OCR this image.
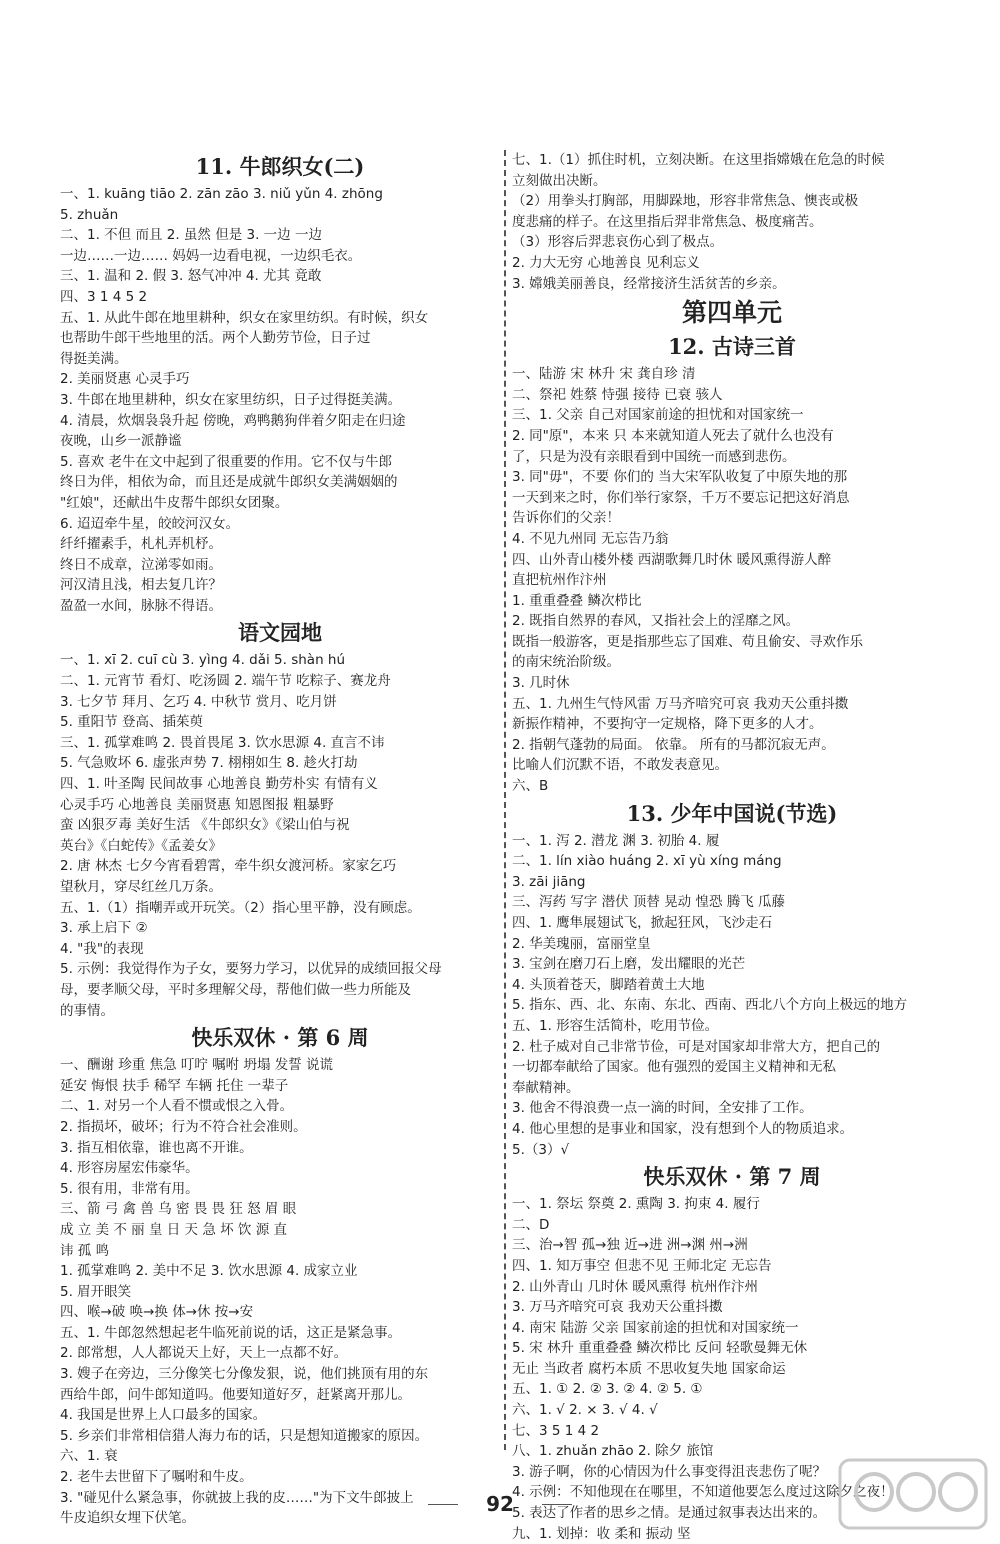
11. 牛郎织女(二)

一、1. kuāng tiāo 2. zān zāo 3. niǔ yǔn 4. zhōng

5. zhuǎn

二、1. 不但 而且 2. 虽然 但是 3. 一边 一边

一边……一边…… 妈妈一边看电视，一边织毛衣。

三、1. 温和 2. 假 3. 怒气冲冲 4. 尤其 竟敢

四、3 1 4 5 2

五、1. 从此牛郎在地里耕种，织女在家里纺织。有时候，织女

也帮助牛郎干些地里的活。两个人勤劳节俭，日子过

得挺美满。

2. 美丽贤惠 心灵手巧

3. 牛郎在地里耕种，织女在家里纺织，日子过得挺美满。

4. 清晨，炊烟袅袅升起 傍晚，鸡鸭鹅狗伴着夕阳走在归途

夜晚，山乡一派静谧

5. 喜欢 老牛在文中起到了很重要的作用。它不仅与牛郎

终日为伴，相依为命，而且还是成就牛郎织女美满姻姻的

"红娘"，还献出牛皮帮牛郎织女团聚。

6. 迢迢牵牛星，皎皎河汉女。

纤纤擢素手，札札弄机杼。

终日不成章，泣涕零如雨。

河汉清且浅，相去复几许？

盈盈一水间，脉脉不得语。

语文园地

一、1. xī 2. cuī cù 3. yìng 4. dǎi 5. shàn hú

二、1. 元宵节 看灯、吃汤圆 2. 端午节 吃粽子、赛龙舟

3. 七夕节 拜月、乞巧 4. 中秋节 赏月、吃月饼

5. 重阳节 登高、插茱萸

三、1. 孤掌难鸣 2. 畏首畏尾 3. 饮水思源 4. 直言不讳

5. 气急败坏 6. 虚张声势 7. 栩栩如生 8. 趁火打劫

四、1. 叶圣陶 民间故事 心地善良 勤劳朴实 有情有义

心灵手巧 心地善良 美丽贤惠 知恩图报 粗暴野

蛮 凶狠歹毒 美好生活 《牛郎织女》《梁山伯与祝

英台》《白蛇传》《孟姜女》

2. 唐 林杰 七夕今宵看碧霄，牵牛织女渡河桥。家家乞巧

望秋月，穿尽红丝几万条。

五、1.（1）指嘲弄或开玩笑。（2）指心里平静，没有顾虑。

3. 承上启下 ②

4. "我"的表现

5. 示例：我觉得作为子女，要努力学习，以优异的成绩回报父母

母，要孝顺父母，平时多理解父母，帮他们做一些力所能及

的事情。

快乐双休 · 第 6 周

一、酬谢 珍重 焦急 叮咛 嘱咐 坍塌 发誓 说谎

延安 悔恨 扶手 稀罕 车辆 托住 一辈子

二、1. 对另一个人看不惯或恨之入骨。

2. 指损坏，破坏；行为不符合社会准则。

3. 指互相依靠，谁也离不开谁。

4. 形容房屋宏伟豪华。

5. 很有用，非常有用。

三、箭 弓 禽 兽 乌 密 畏 畏 狂 怒 眉 眼

成 立 美 不 丽 皇 日 天 急 坏 饮 源 直

讳 孤 鸣

1. 孤掌难鸣 2. 美中不足 3. 饮水思源 4. 成家立业

5. 眉开眼笑

四、喉→破 唤→换 体→休 按→安

五、1. 牛郎忽然想起老牛临死前说的话，这正是紧急事。

2. 郎常想，人人都说天上好，天上一点都不好。

3. 嫂子在旁边，三分像笑七分像发狠，说，他们挑顶有用的东

西给牛郎，问牛郎知道吗。他要知道好歹，赶紧离开那儿。

4. 我国是世界上人口最多的国家。

5. 乡亲们非常相信猎人海力布的话，只是想知道搬家的原因。

六、1. 衰

2. 老牛去世留下了嘱咐和牛皮。

3. "碰见什么紧急事，你就披上我的皮……"为下文牛郎披上

牛皮追织女埋下伏笔。

七、1.（1）抓住时机，立刻决断。在这里指嫦娥在危急的时候

立刻做出决断。

（2）用拳头打胸部，用脚跺地，形容非常焦急、懊丧或极

度悲痛的样子。在这里指后羿非常焦急、极度痛苦。

（3）形容后羿悲哀伤心到了极点。

2. 力大无穷 心地善良 见利忘义

3. 嫦娥美丽善良，经常接济生活贫苦的乡亲。

第四单元
12. 古诗三首

一、陆游 宋 林升 宋 龚自珍 清

二、祭祀 姓蔡 恃强 接待 已衰 骇人

三、1. 父亲 自己对国家前途的担忧和对国家统一

2. 同"原"，本来 只 本来就知道人死去了就什么也没有

了，只是为没有亲眼看到中国统一而感到悲伤。

3. 同"毋"，不要 你们的 当大宋军队收复了中原失地的那

一天到来之时，你们举行家祭，千万不要忘记把这好消息

告诉你们的父亲！

4. 不见九州同 无忘告乃翁

四、山外青山楼外楼 西湖歌舞几时休 暖风熏得游人醉

直把杭州作汴州

1. 重重叠叠 鳞次栉比

2. 既指自然界的春风，又指社会上的淫靡之风。

既指一般游客，更是指那些忘了国难、苟且偷安、寻欢作乐

的南宋统治阶级。

3. 几时休

五、1. 九州生气恃风雷 万马齐喑究可哀 我劝天公重抖擞

新振作精神，不要拘守一定规格，降下更多的人才。

2. 指朝气蓬勃的局面。 依靠。 所有的马都沉寂无声。

比喻人们沉默不语，不敢发表意见。

六、B

13. 少年中国说(节选)

一、1. 泻 2. 潜龙 渊 3. 初胎 4. 履

二、1. lín xiào huáng 2. xī yù xíng máng

3. zāi jiāng

三、泻药 写字 潜伏 顶替 晃动 惶恐 腾飞 瓜藤

四、1. 鹰隼展翅试飞，掀起狂风，飞沙走石

2. 华美瑰丽，富丽堂皇

3. 宝剑在磨刀石上磨，发出耀眼的光芒

4. 头顶着苍天，脚踏着黄土大地

5. 指东、西、北、东南、东北、西南、西北八个方向上极远的地方

五、1. 形容生活简朴，吃用节俭。

2. 杜子威对自己非常节俭，可是对国家却非常大方，把自己的

一切都奉献给了国家。他有强烈的爱国主义精神和无私

奉献精神。

3. 他舍不得浪费一点一滴的时间，全安排了工作。

4. 他心里想的是事业和国家，没有想到个人的物质追求。

5.（3）√

快乐双休 · 第 7 周

一、1. 祭坛 祭奠 2. 熏陶 3. 拘束 4. 履行

二、D

三、治→智 孤→独 近→进 洲→渊 州→洲

四、1. 知万事空 但悲不见 王师北定 无忘告

2. 山外青山 几时休 暖风熏得 杭州作汴州

3. 万马齐喑究可哀 我劝天公重抖擞

4. 南宋 陆游 父亲 国家前途的担忧和对国家统一

5. 宋 林升 重重叠叠 鳞次栉比 反问 轻歌曼舞无休

无止 当政者 腐朽本质 不思收复失地 国家命运

五、1. ① 2. ② 3. ② 4. ② 5. ①

六、1. √ 2. × 3. √ 4. √

七、3 5 1 4 2

八、1. zhuǎn zhāo 2. 除夕 旅馆

3. 游子啊，你的心情因为什么事变得沮丧悲伤了呢？

4. 示例：不知他现在在哪里，不知道他要怎么度过这除夕之夜！

5. 表达了作者的思乡之情。是通过叙事表达出来的。

九、1. 划掉：收 柔和 振动 坚

92
